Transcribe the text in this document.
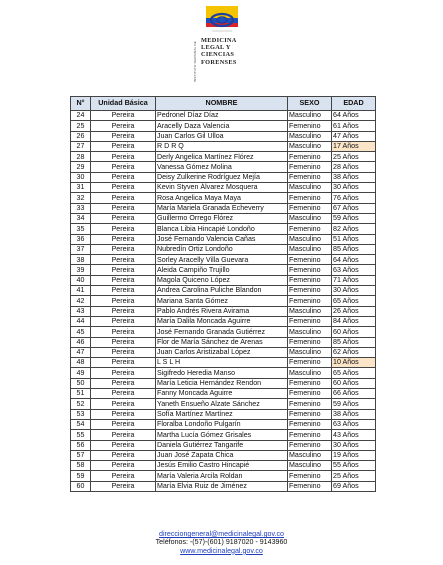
INSTITUTO NACIONAL DE
MEDICINA
LEGAL Y
CIENCIAS
FORENSES
N°	Unidad Básica	NOMBRE	SEXO	EDAD
24	Pereira	Pedronel Díaz Díaz	Masculino	64 Años
25	Pereira	Aracelly Daza Valencia	Femenino	61 Años
26	Pereira	Juan Carlos Gil Ulloa	Masculino	47 Años
27	Pereira	R D R Q	Masculino	17 Años
28	Pereira	Derly Angelica Martínez Flórez	Femenino	25 Años
29	Pereira	Vanessa Gómez Molina	Femenino	28 Años
30	Pereira	Deisy Zulkerine Rodríguez Mejía	Femenino	38 Años
31	Pereira	Kevin Styven Álvarez Mosquera	Masculino	30 Años
32	Pereira	Rosa Angelica Maya Maya	Femenino	76 Años
33	Pereira	María Mariela Granada Echeverry	Femenino	67 Años
34	Pereira	Guillermo Orrego Flórez	Masculino	59 Años
35	Pereira	Blanca Libia Hincapié Londoño	Femenino	82 Años
36	Pereira	José Fernando Valencia Cañas	Masculino	51 Años
37	Pereira	Nubredín Ortiz Londoño	Masculino	85 Años
38	Pereira	Sorley Aracelly Villa Guevara	Femenino	64 Años
39	Pereira	Aleida Campiño Trujillo	Femenino	63 Años
40	Pereira	Magola Quiceno López	Femenino	71 Años
41	Pereira	Andrea Carolina Puliche Blandon	Femenino	30 Años
42	Pereira	Mariana Santa Gómez	Femenino	65 Años
43	Pereira	Pablo Andrés Rivera Avirama	Masculino	26 Años
44	Pereira	María Dalila Moncada Aguirre	Femenino	84 Años
45	Pereira	José Fernando Granada Gutiérrez	Masculino	60 Años
46	Pereira	Flor de María Sánchez de Arenas	Femenino	85 Años
47	Pereira	Juan Carlos Aristizabal López	Masculino	62 Años
48	Pereira	L S L H	Femenino	10 Años
49	Pereira	Sigifredo Heredia Manso	Masculino	65 Años
50	Pereira	María Leticia Hernández Rendon	Femenino	60 Años
51	Pereira	Fanny Moncada Aguirre	Femenino	66 Años
52	Pereira	Yaneth Ensueño Alzate Sánchez	Femenino	59 Años
53	Pereira	Sofía Martínez Martínez	Femenino	38 Años
54	Pereira	Floralba Londoño Pulgarín	Femenino	63 Años
55	Pereira	Martha Lucía Gómez Grisales	Femenino	43 Años
56	Pereira	Daniela Gutiérrez Tangarife	Femenino	30 Años
57	Pereira	Juan José Zapata Chica	Masculino	19 Años
58	Pereira	Jesús Emilio Castro Hincapié	Masculino	55 Años
59	Pereira	María Valeria Arcila Roldan	Femenino	25 Años
60	Pereira	María Elvia Ruiz de Jiménez	Femenino	69 Años
direcciongeneral@medicinalegal.gov.co
Teléfonos: -(57)-(601) 9187020 - 9143960
www.medicinalegal.gov.co
